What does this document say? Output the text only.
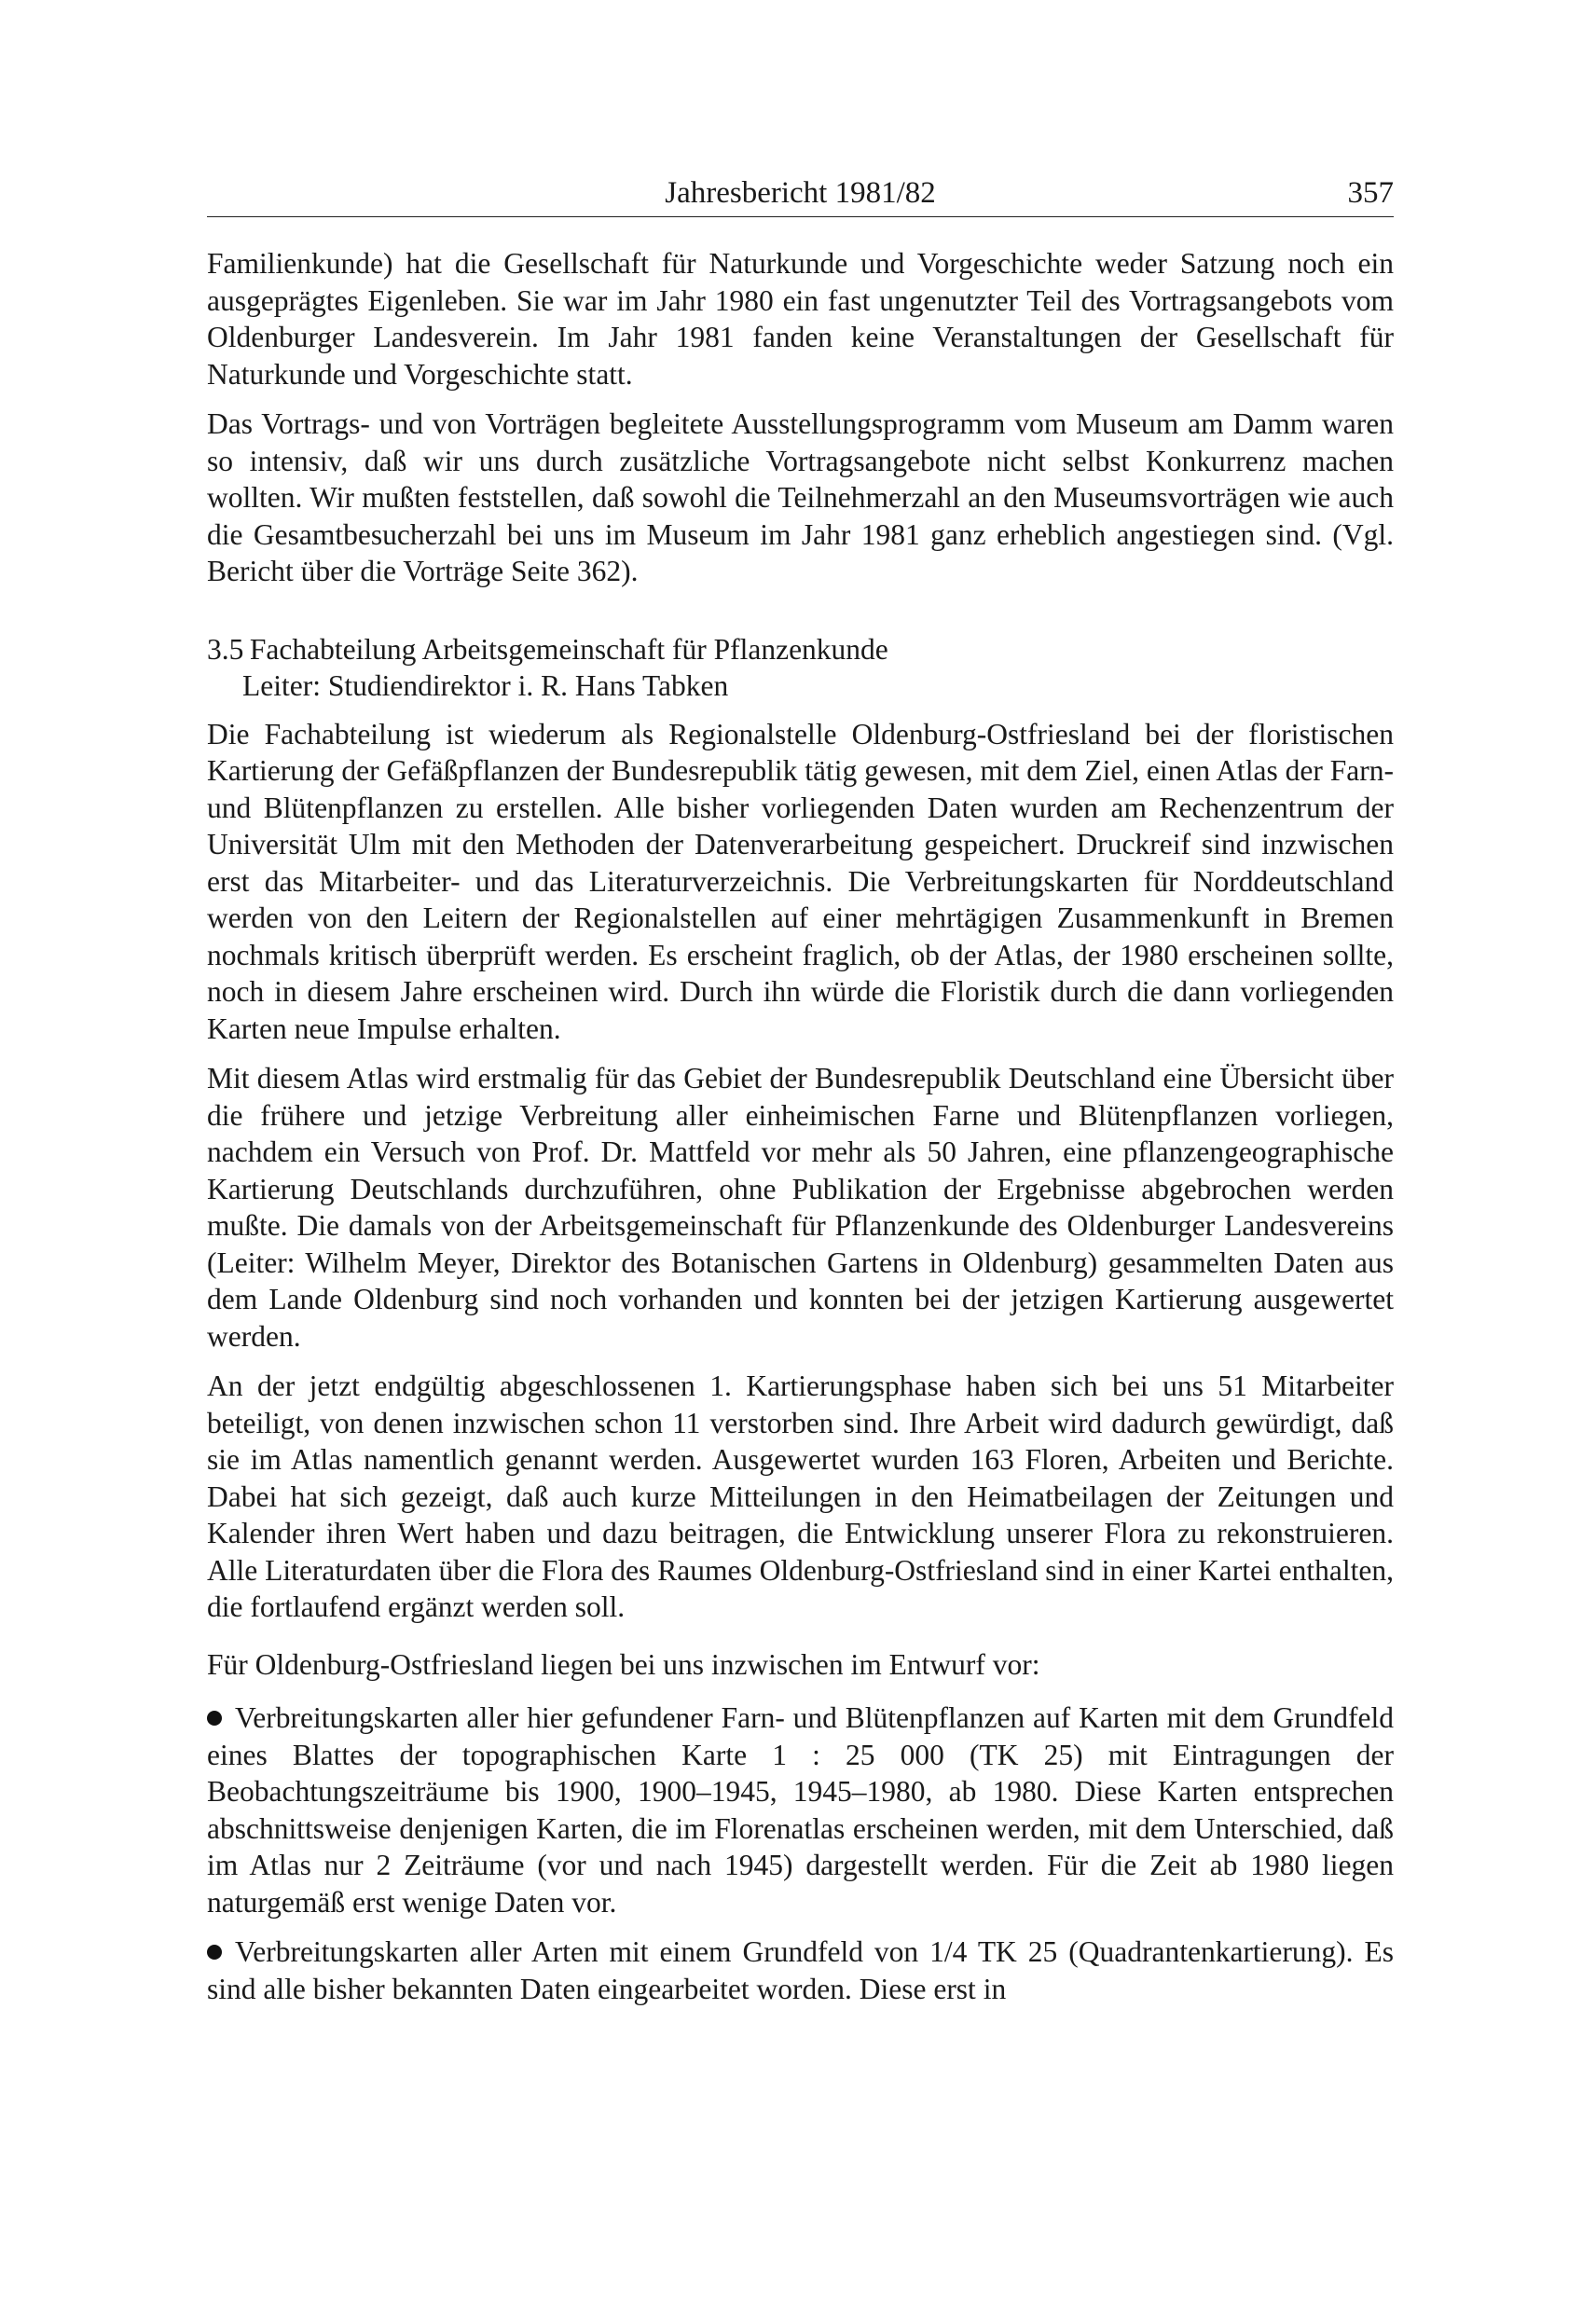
Jahresbericht 1981/82	357

Familienkunde) hat die Gesellschaft für Naturkunde und Vorgeschichte weder Satzung noch ein ausgeprägtes Eigenleben. Sie war im Jahr 1980 ein fast ungenutzter Teil des Vortragsangebots vom Oldenburger Landesverein. Im Jahr 1981 fanden keine Veranstaltungen der Gesellschaft für Naturkunde und Vorgeschichte statt.

Das Vortrags- und von Vorträgen begleitete Ausstellungsprogramm vom Museum am Damm waren so intensiv, daß wir uns durch zusätzliche Vortragsangebote nicht selbst Konkurrenz machen wollten. Wir mußten feststellen, daß sowohl die Teilnehmerzahl an den Museumsvorträgen wie auch die Gesamtbesucherzahl bei uns im Museum im Jahr 1981 ganz erheblich angestiegen sind. (Vgl. Bericht über die Vorträge Seite 362).

3.5 Fachabteilung Arbeitsgemeinschaft für Pflanzenkunde
Leiter: Studiendirektor i. R. Hans Tabken

Die Fachabteilung ist wiederum als Regionalstelle Oldenburg-Ostfriesland bei der floristischen Kartierung der Gefäßpflanzen der Bundesrepublik tätig gewesen, mit dem Ziel, einen Atlas der Farn- und Blütenpflanzen zu erstellen. Alle bisher vorliegenden Daten wurden am Rechenzentrum der Universität Ulm mit den Methoden der Datenverarbeitung gespeichert. Druckreif sind inzwischen erst das Mitarbeiter- und das Literaturverzeichnis. Die Verbreitungskarten für Norddeutschland werden von den Leitern der Regionalstellen auf einer mehrtägigen Zusammenkunft in Bremen nochmals kritisch überprüft werden. Es erscheint fraglich, ob der Atlas, der 1980 erscheinen sollte, noch in diesem Jahre erscheinen wird. Durch ihn würde die Floristik durch die dann vorliegenden Karten neue Impulse erhalten.

Mit diesem Atlas wird erstmalig für das Gebiet der Bundesrepublik Deutschland eine Übersicht über die frühere und jetzige Verbreitung aller einheimischen Farne und Blütenpflanzen vorliegen, nachdem ein Versuch von Prof. Dr. Mattfeld vor mehr als 50 Jahren, eine pflanzengeographische Kartierung Deutschlands durchzuführen, ohne Publikation der Ergebnisse abgebrochen werden mußte. Die damals von der Arbeitsgemeinschaft für Pflanzenkunde des Oldenburger Landesvereins (Leiter: Wilhelm Meyer, Direktor des Botanischen Gartens in Oldenburg) gesammelten Daten aus dem Lande Oldenburg sind noch vorhanden und konnten bei der jetzigen Kartierung ausgewertet werden.

An der jetzt endgültig abgeschlossenen 1. Kartierungsphase haben sich bei uns 51 Mitarbeiter beteiligt, von denen inzwischen schon 11 verstorben sind. Ihre Arbeit wird dadurch gewürdigt, daß sie im Atlas namentlich genannt werden. Ausgewertet wurden 163 Floren, Arbeiten und Berichte. Dabei hat sich gezeigt, daß auch kurze Mitteilungen in den Heimatbeilagen der Zeitungen und Kalender ihren Wert haben und dazu beitragen, die Entwicklung unserer Flora zu rekonstruieren. Alle Literaturdaten über die Flora des Raumes Oldenburg-Ostfriesland sind in einer Kartei enthalten, die fortlaufend ergänzt werden soll.

Für Oldenburg-Ostfriesland liegen bei uns inzwischen im Entwurf vor:

Verbreitungskarten aller hier gefundener Farn- und Blütenpflanzen auf Karten mit dem Grundfeld eines Blattes der topographischen Karte 1 : 25 000 (TK 25) mit Eintragungen der Beobachtungszeiträume bis 1900, 1900–1945, 1945–1980, ab 1980. Diese Karten entsprechen abschnittsweise denjenigen Karten, die im Florenatlas erscheinen werden, mit dem Unterschied, daß im Atlas nur 2 Zeiträume (vor und nach 1945) dargestellt werden. Für die Zeit ab 1980 liegen naturgemäß erst wenige Daten vor.

Verbreitungskarten aller Arten mit einem Grundfeld von 1/4 TK 25 (Quadrantenkartierung). Es sind alle bisher bekannten Daten eingearbeitet worden. Diese erst in
